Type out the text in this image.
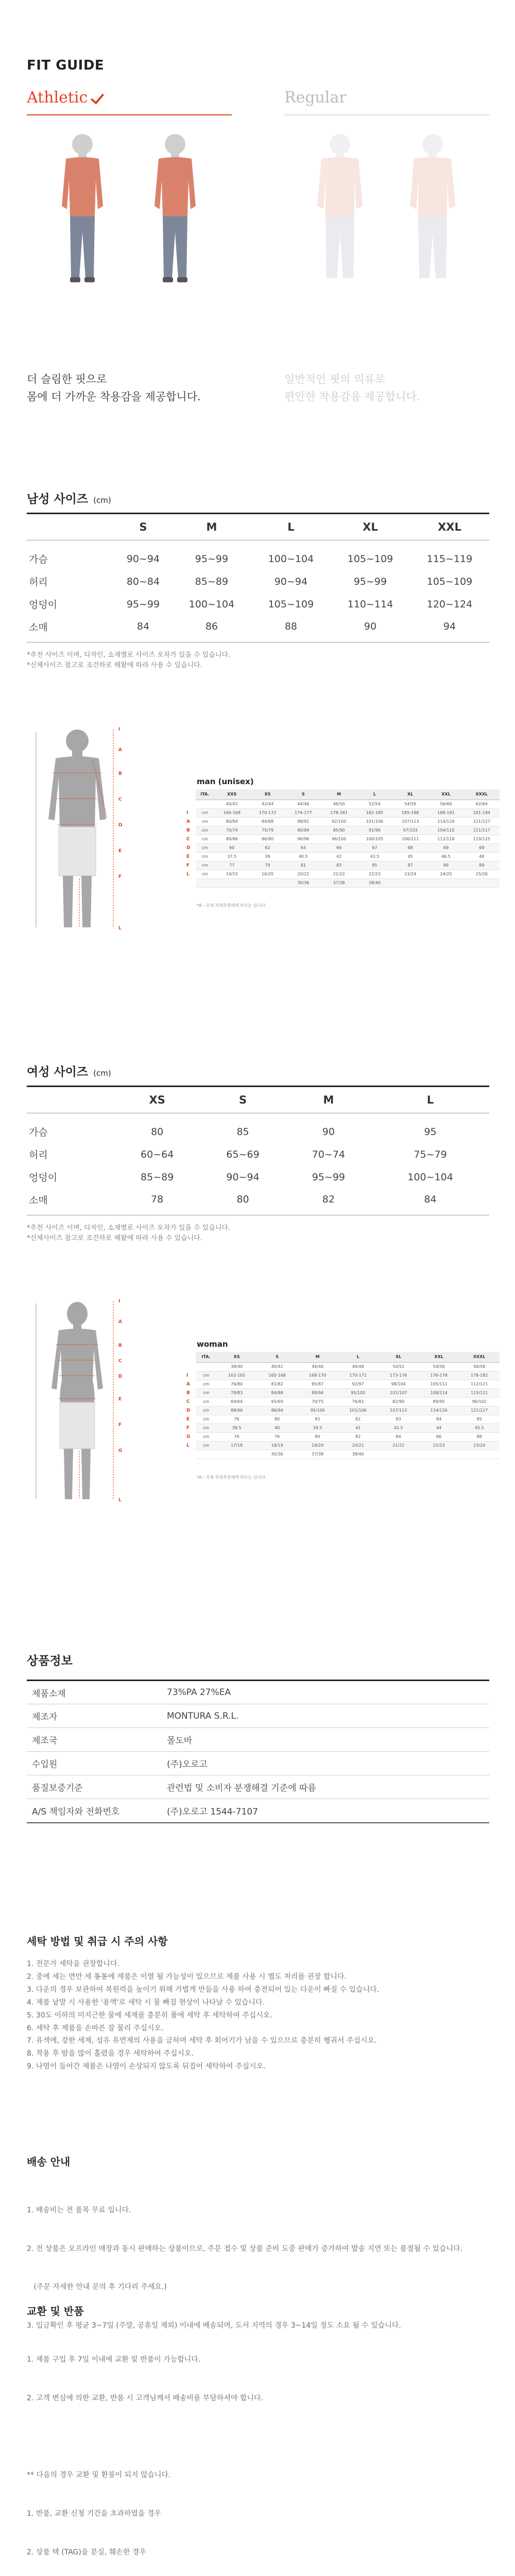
FIT GUIDE
Athletic	Regular
더 슬림한 핏으로
몸에 더 가까운 착용감을 제공합니다.
일반적인 핏의 의류로
편안한 착용감을 제공합니다.
남성 사이즈 (cm)
	S	M	L	XL	XXL
가슴	90~94	95~99	100~104	105~109	115~119
허리	80~84	85~89	90~94	95~99	105~109
엉덩이	95~99	100~104	105~109	110~114	120~124
소매	84	86	88	90	94
*추천 사이즈 이며, 디자인, 소재별로 사이즈 오차가 있을 수 있습니다.
*신체사이즈 참고로 조건하로 해왔에 따라 사용 수 있습니다.
I
A
B
C
D
E
F
L
man (unisex)
ITA.	XXS	XS	S	M	L	XL	XXL	XXXL

	40/42	42/44	44/46	46/50	52/54	54/56	56/60	62/64
cm
I	166-168	170-172	174-177	178-181	182-185	185-188	188-191	191-194
cm
A	80/84	84/88	88/92	92/100	101/106	107/113	114/120	121/127
cm
B	70/74	75/79	80/84	85/90	91/96	97/103	104/110	111/117
cm
C	80/86	86/90	90/96	96/100	100/105	106/111	112/118	119/125
cm
D	60	62	64	66	67	68	69	69
cm
E	37.5	39	40.5	42	43.5	45	46.5	48
cm
F	77	79	81	83	85	87	89	89
cm
L	14/15	16/20	20/21	21/22	22/23	23/24	24/25	25/26

			30/36	37/38	38/40			
*A : 국제 직경측정에에 따르는 입니다.
여성 사이즈 (cm)
	XS	S	M	L
가슴	80	85	90	95
허리	60~64	65~69	70~74	75~79
엉덩이	85~89	90~94	95~99	100~104
소매	78	80	82	84
*추천 사이즈 이며, 디자인, 소재별로 사이즈 오차가 있을 수 있습니다.
*신체사이즈 참고로 조건하로 해왔에 따라 사용 수 있습니다.
I
A
B
C
D
E
F
G
L
woman
ITA.	XS	S	M	L	XL	XXL	XXXL

	38/40	40/42	44/46	46/48	50/52	54/56	56/58
cm
I	162-165	165-168	168-170	170-172	173-176	176-178	178-182
cm
A	76/80	81/82	85/87	92/97	98/104	105/111	112/121
cm
B	79/83	84/88	88/94	95/100	101/107	108/114	115/121
cm
C	60/64	65/69	70/75	76/81	82/90	89/95	96/102
cm
D	88/96	86/94	95/100	101/106	107/113	114/126	121/127
cm
E	76	80	81	82	83	84	85
cm
F	38.5	40	39.5	41	42.5	44	45.5
cm
G	76	76	80	82	84	86	88
cm
L	17/18	18/19	19/20	20/21	21/22	22/23	23/24

		30/36	37/38	38/40			
*A : 국제 직경측정에에 따르는 입니다.
상품정보
제품소재	73%PA 27%EA
제조자	MONTURA S.R.L.
제조국	몰도바
수입원	(주)오로고
품질보증기준	관련법 및 소비자 분쟁해결 기준에 따름
A/S 책임자와 전화번호	(주)오로고 1544-7107
세탁 방법 및 취급 시 주의 사항
1. 전문가 세탁을 권장합니다.
2. 중에 세는 면만 세 통통에 제품은 이열 될 가능성이 있으므로 제품 사용 시 별도 처리를 권장 합니다.
3. 다운의 경우 보관하여 복원력을 높이기 위해 가볍게 만들을 사용 하여 충전되어 있는 다운이 빠질 수 있습니다.
4. 제품 낱말 시 사용한 '용액'로 세탁 시 물 빠짐 현상이 나타날 수 있습니다.
5. 30도 이하의 미지근한 물에 세제를 충분히 풀에 세탁 후 세탁하여 주십시오.
6. 세탁 후 제품을 손바른 잘 물리 주십시오.
7. 유색에, 강한 세제, 섬유 유연제의 사용을 금하며 세탁 후 회어기가 남을 수 있으므로 충분히 헹궈서 주십시오.
8. 착용 후 땀을 많이 흘렸을 경우 세탁하여 주십시오.
9. 나염이 들어간 제품은 나염이 손상되지 않도록 뒤집어 세탁하여 주십시오.
배송 안내

1. 배송비는 전 품목 무료 입니다.

2. 전 상품은 오프라인 매장과 동시 판매하는 상품이므로, 주문 접수 및 상품 준비 도중 판매가 증가하여 발송 지연 또는 품절될 수 있습니다.

(주문 자세한 안내 문의 후 기다리 주세요.)

3. 입금확인 후 평균 3~7일 (주말, 공휴일 제외) 이내에 배송되며, 도서 지역의 경우 3~14일 정도 소요 될 수 있습니다.

교환 및 반품

1. 제품 구입 후 7일 이내에 교환 및 반품이 가능합니다.

2. 고객 변심에 의한 교환, 반품 시 고객님께서 배송비를 부담하셔야 합니다.

** 다음의 경우 교환 및 환불이 되지 않습니다.

1. 반품, 교환 신청 기간을 초과하였을 경우

2. 상품 택 (TAG)을 분실, 훼손한 경우
